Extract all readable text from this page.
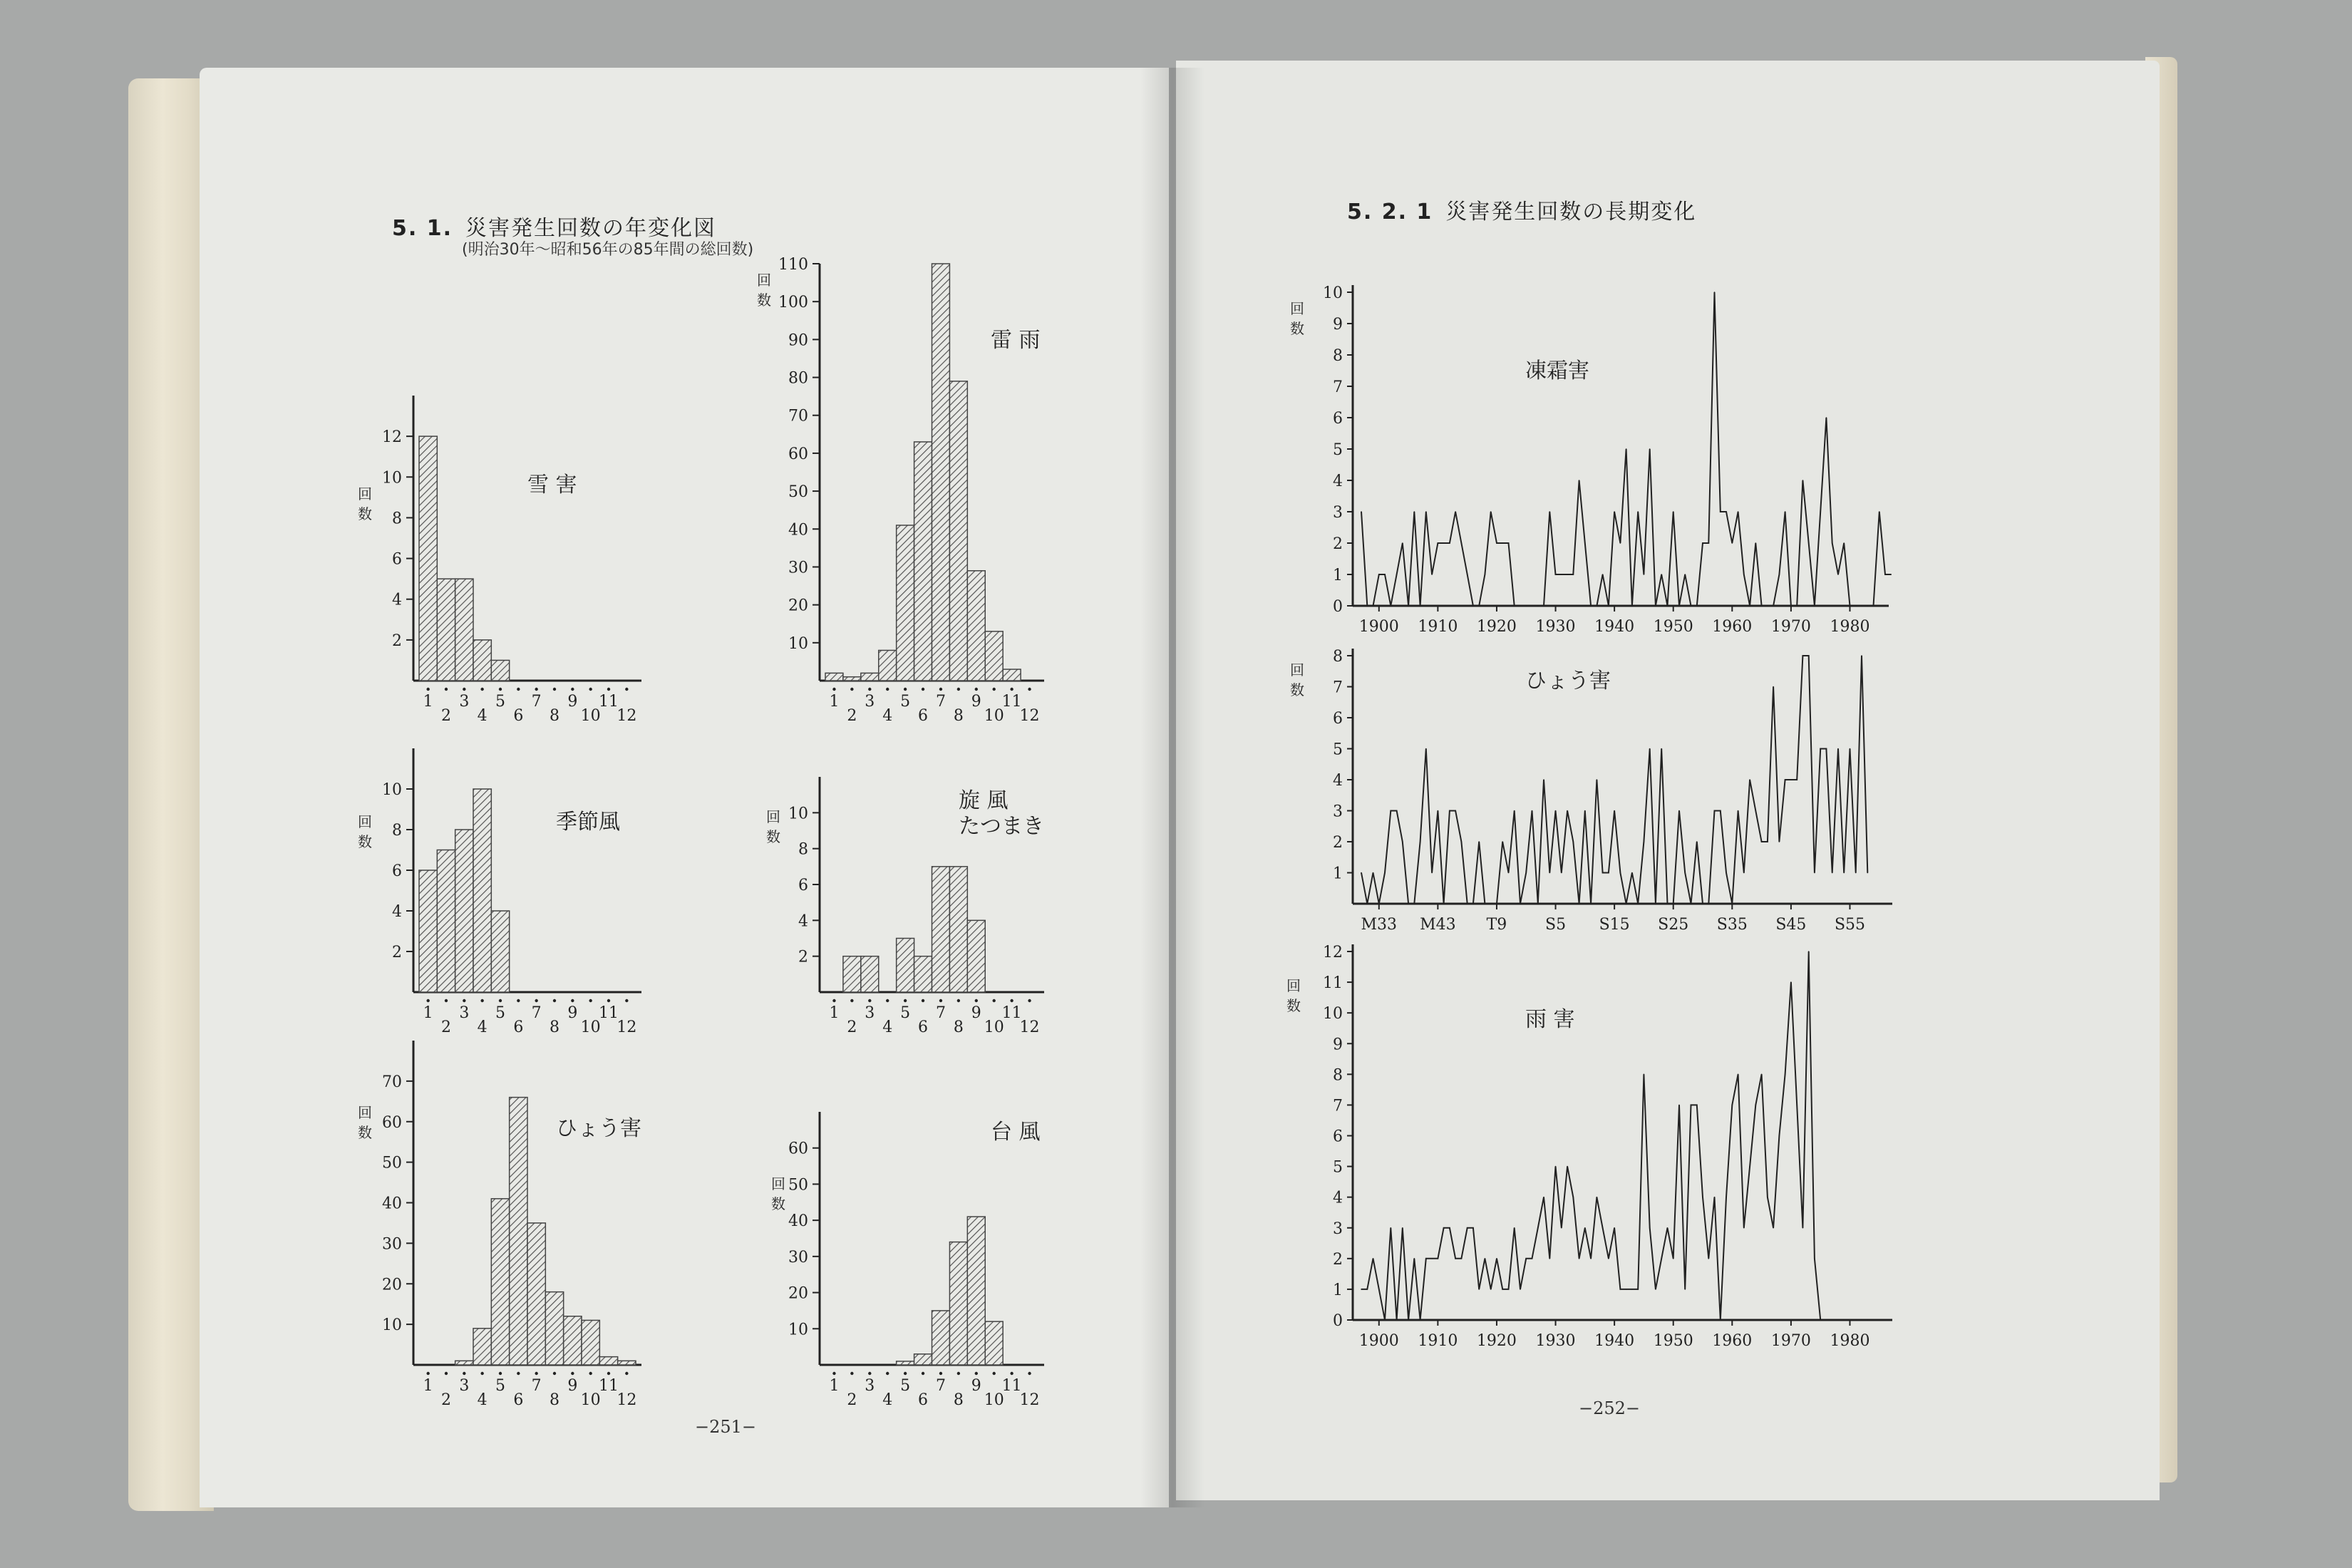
5. 1. 災害発生回数の年変化図
(明治30年〜昭和56年の85年間の総回数)
5. 2. 1 災害発生回数の長期変化
−251−
−252−
2
4
6
8
10
12
1
2
3
4
5
6
7
8
9
10
11
12
雪 害
回
数
10
20
30
40
50
60
70
80
90
100
110
1
2
3
4
5
6
7
8
9
10
11
12
雷 雨
回
数
2
4
6
8
10
1
2
3
4
5
6
7
8
9
10
11
12
季節風
回
数
2
4
6
8
10
1
2
3
4
5
6
7
8
9
10
11
12
旋 風
たつまき
回
数
10
20
30
40
50
60
70
1
2
3
4
5
6
7
8
9
10
11
12
ひょう害
回
数
10
20
30
40
50
60
1
2
3
4
5
6
7
8
9
10
11
12
台 風
回
数
0
1
2
3
4
5
6
7
8
9
10
1900 1910 1920 1930 1940 1950 1960 1970 1980
凍霜害
回
数
1
2
3
4
5
6
7
8
M33 M43 T9 S5 S15 S25 S35 S45 S55
ひょう害
回
数
0
1
2
3
4
5
6
7
8
9
10
11
12
1900 1910 1920 1930 1940 1950 1960 1970 1980
雨 害
回
数
